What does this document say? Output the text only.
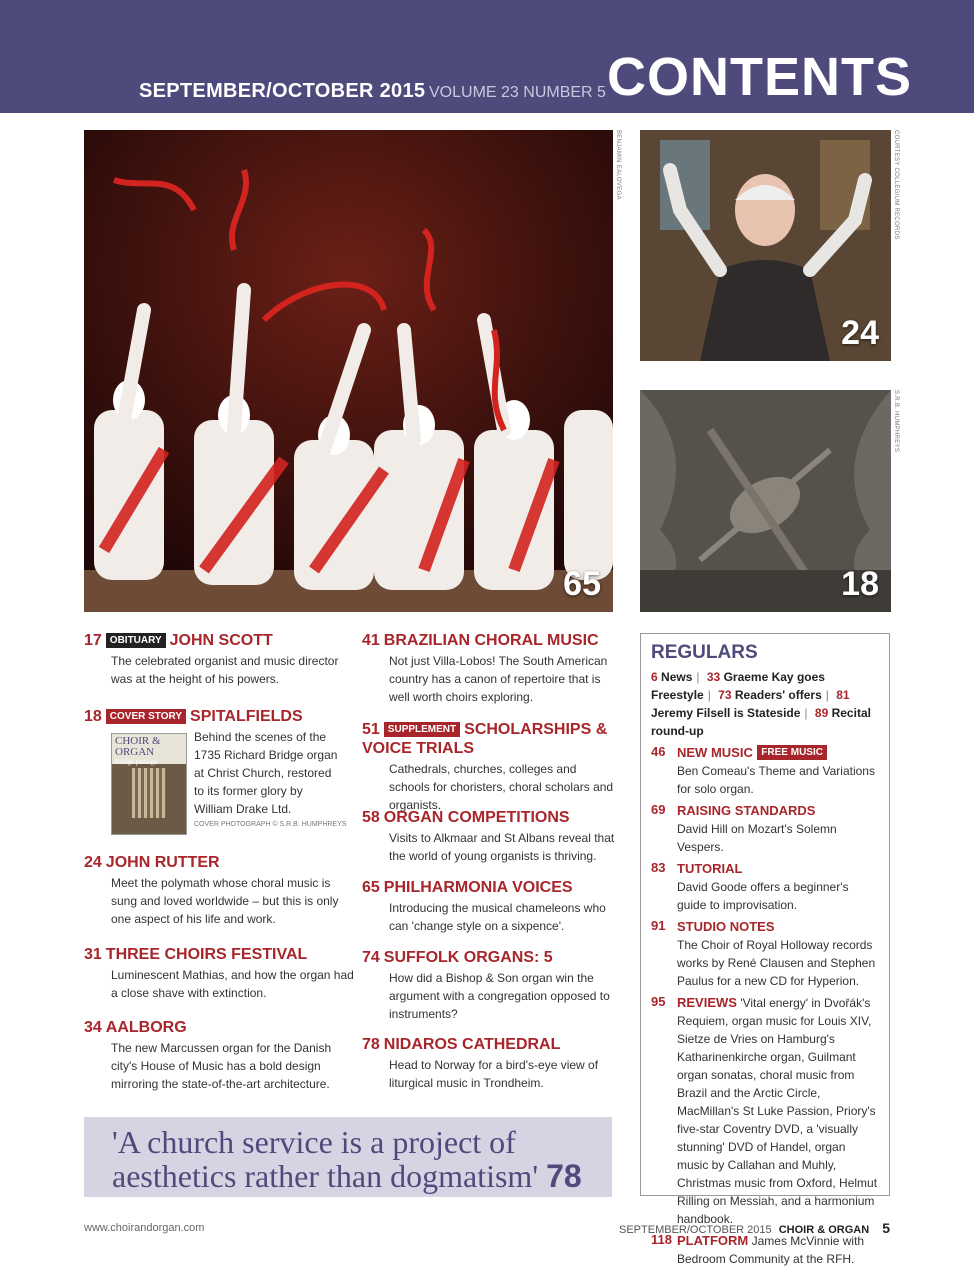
SEPTEMBER/OCTOBER 2015 VOLUME 23 NUMBER 5 CONTENTS
65
BENJAMIN EALOVEGA
24
COURTESY COLLEGIUM RECORDS
18
S.R.B. HUMPHREYS
17 OBITUARY JOHN SCOTT
The celebrated organist and music director was at the height of his powers.
18 COVER STORY SPITALFIELDS
Behind the scenes of the 1735 Richard Bridge organ at Christ Church, restored to its former glory by William Drake Ltd.
COVER PHOTOGRAPH © S.R.B. HUMPHREYS
CHOIR & ORGAN
Bridge passage
24 JOHN RUTTER
Meet the polymath whose choral music is sung and loved worldwide – but this is only one aspect of his life and work.
31 THREE CHOIRS FESTIVAL
Luminescent Mathias, and how the organ had a close shave with extinction.
34 AALBORG
The new Marcussen organ for the Danish city's House of Music has a bold design mirroring the state-of-the-art architecture.
41 BRAZILIAN CHORAL MUSIC
Not just Villa-Lobos! The South American country has a canon of repertoire that is well worth choirs exploring.
51 SUPPLEMENT SCHOLARSHIPS & VOICE TRIALS
Cathedrals, churches, colleges and schools for choristers, choral scholars and organists.
58 ORGAN COMPETITIONS
Visits to Alkmaar and St Albans reveal that the world of young organists is thriving.
65 PHILHARMONIA VOICES
Introducing the musical chameleons who can 'change style on a sixpence'.
74 SUFFOLK ORGANS: 5
How did a Bishop & Son organ win the argument with a congregation opposed to instruments?
78 NIDAROS CATHEDRAL
Head to Norway for a bird's-eye view of liturgical music in Trondheim.
REGULARS
6 News | 33 Graeme Kay goes Freestyle | 73 Readers' offers | 81 Jeremy Filsell is Stateside | 89 Recital round-up
46 NEW MUSIC FREE MUSIC
Ben Comeau's Theme and Variations for solo organ.
69 RAISING STANDARDS
David Hill on Mozart's Solemn Vespers.
83 TUTORIAL
David Goode offers a beginner's guide to improvisation.
91 STUDIO NOTES
The Choir of Royal Holloway records works by René Clausen and Stephen Paulus for a new CD for Hyperion.
95 REVIEWS 'Vital energy' in Dvořák's Requiem, organ music for Louis XIV, Sietze de Vries on Hamburg's Katharinenkirche organ, Guilmant organ sonatas, choral music from Brazil and the Arctic Circle, MacMillan's St Luke Passion, Priory's five-star Coventry DVD, a 'visually stunning' DVD of Handel, organ music by Callahan and Muhly, Christmas music from Oxford, Helmut Rilling on Messiah, and a harmonium handbook.
118 PLATFORM James McVinnie with Bedroom Community at the RFH.
'A church service is a project of aesthetics rather than dogmatism' 78
www.choirandorgan.com	SEPTEMBER/OCTOBER 2015 CHOIR & ORGAN 5
